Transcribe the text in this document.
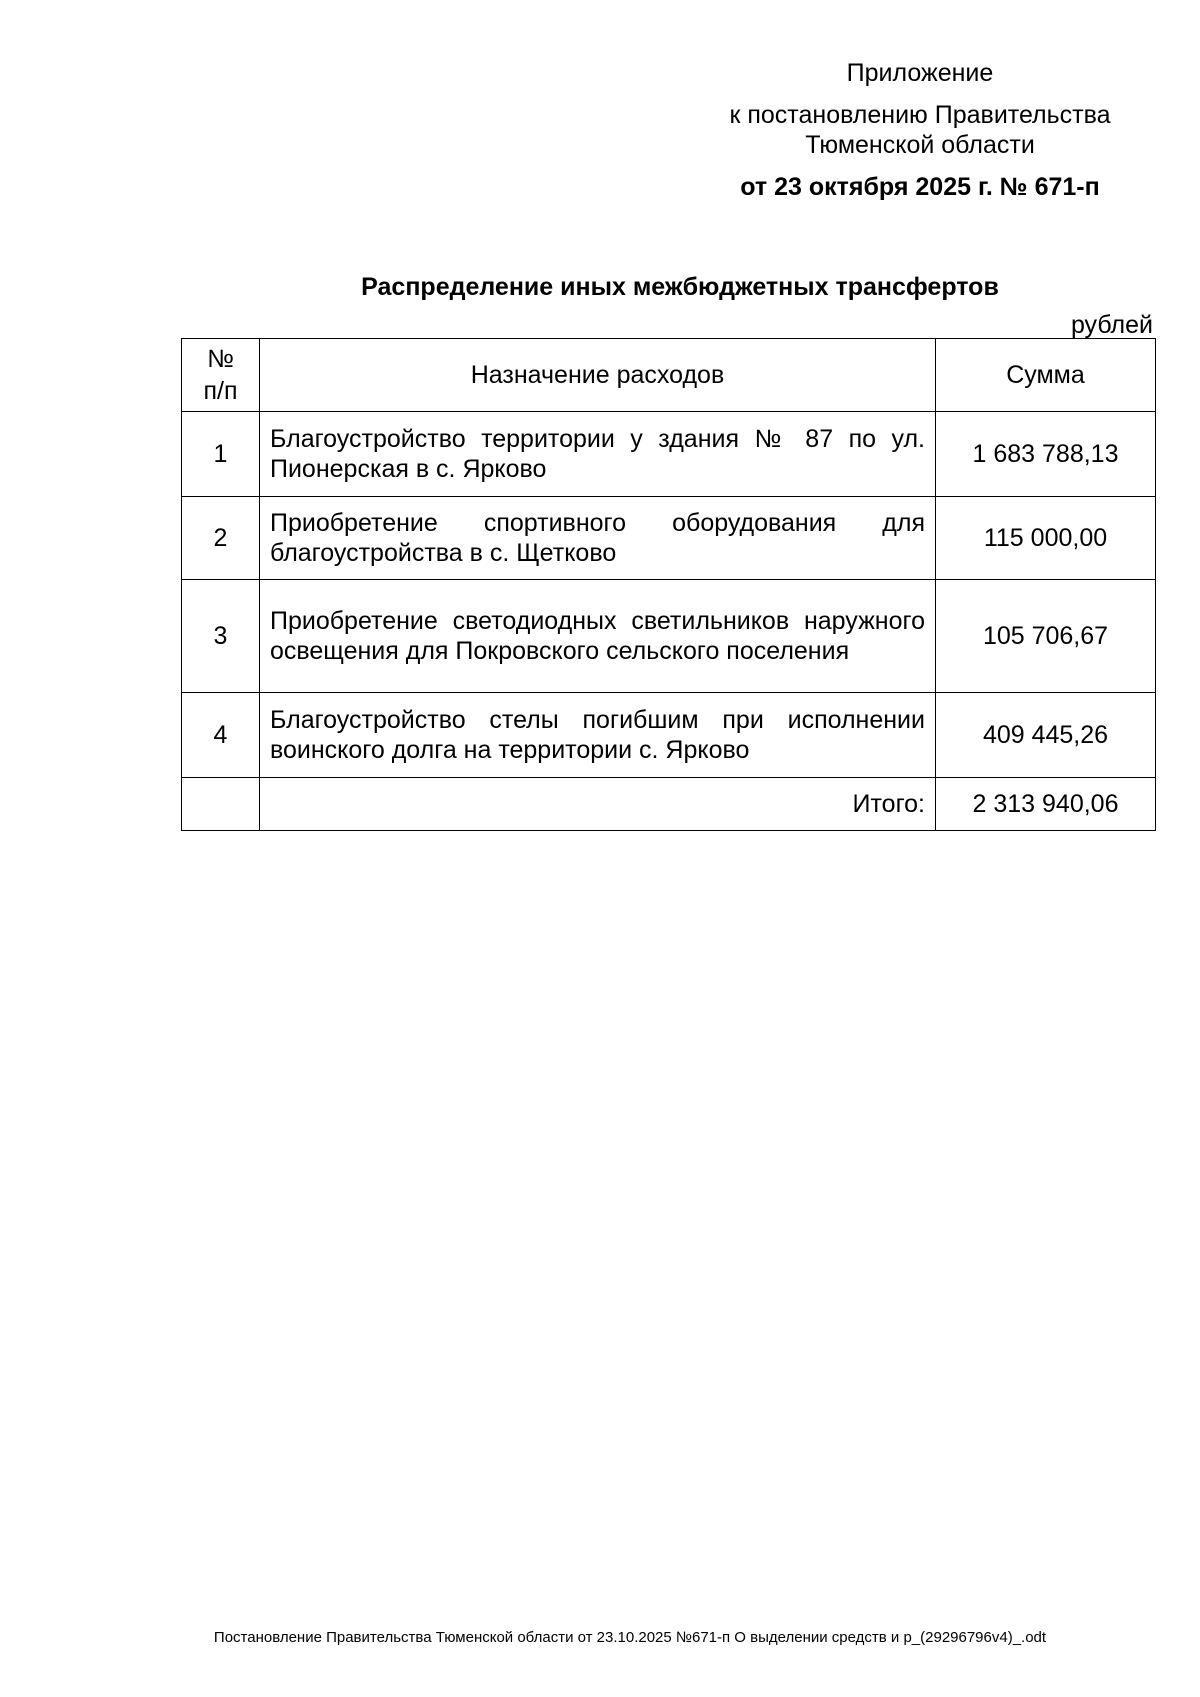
Приложение
к постановлению Правительства
Тюменской области
от 23 октября 2025 г. № 671-п
Распределение иных межбюджетных трансфертов
рублей
№
п/п	Назначение расходов	Сумма
1	Благоустройство территории у здания № 87 по ул. Пионерская в с. Ярково	1 683 788,13
2	Приобретение спортивного оборудования для благоустройства в с. Щетково	115 000,00
3	Приобретение светодиодных светильников наружного освещения для Покровского сельского поселения	105 706,67
4	Благоустройство стелы погибшим при исполнении воинского долга на территории с. Ярково	409 445,26
	Итого:	2 313 940,06
Постановление Правительства Тюменской области от 23.10.2025 №671-п О выделении средств и р_(29296796v4)_.odt
